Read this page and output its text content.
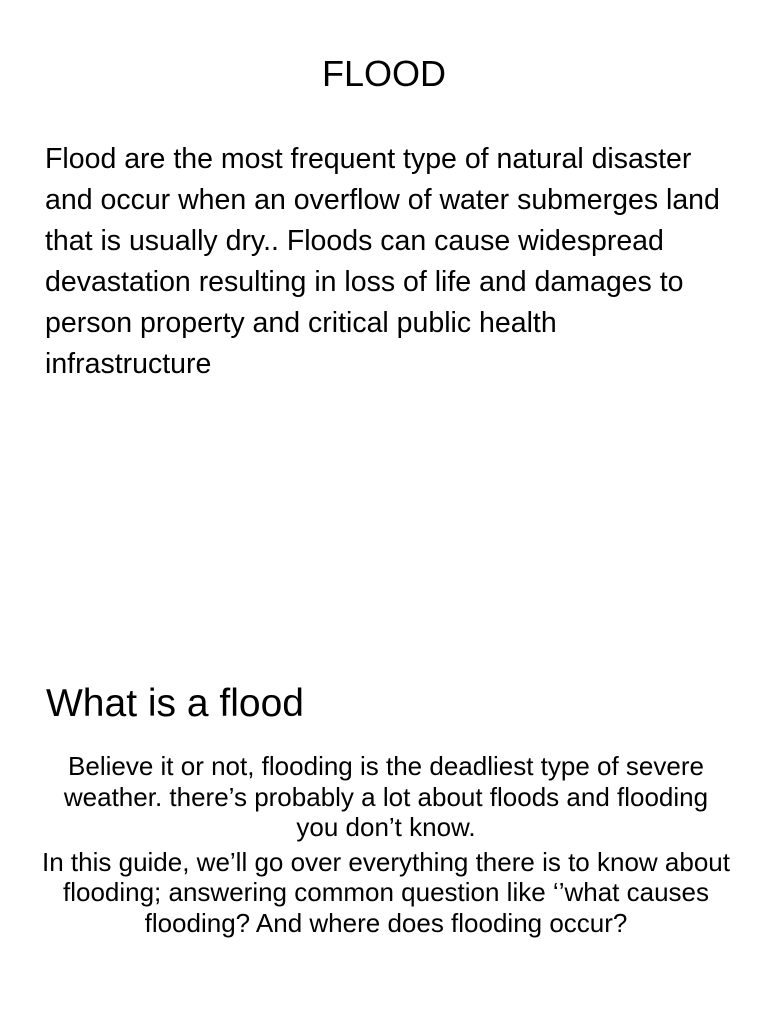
FLOOD

Flood are the most frequent type of natural disaster and occur when an overflow of water submerges land that is usually dry.. Floods can cause widespread devastation resulting in loss of life and damages to person property and critical public health infrastructure

What is a flood

Believe it or not, flooding is the deadliest type of severe weather. there’s probably a lot about floods and flooding you don’t know.

In this guide, we’ll go over everything there is to know about flooding; answering common question like ‘’what causes flooding? And where does flooding occur?
